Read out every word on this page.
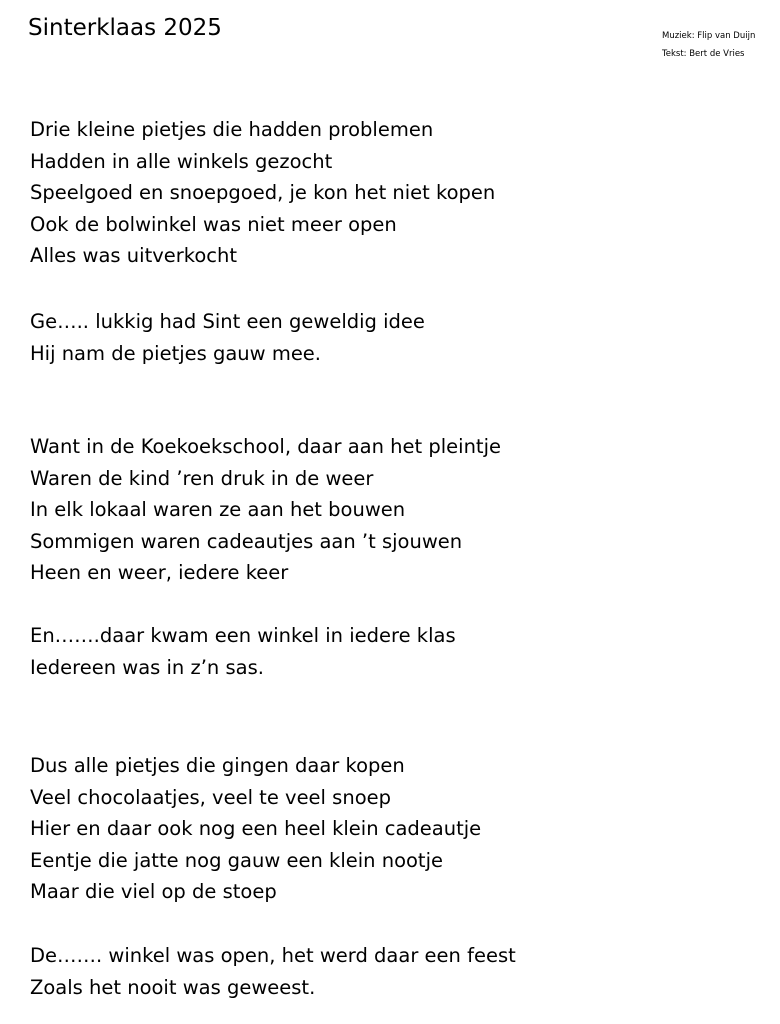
Sinterklaas 2025	Muziek: Flip van Duijn
Tekst: Bert de Vries
Drie kleine pietjes die hadden problemen
Hadden in alle winkels gezocht
Speelgoed en snoepgoed, je kon het niet kopen
Ook de bolwinkel was niet meer open
Alles was uitverkocht
Ge….. lukkig had Sint een geweldig idee
Hij nam de pietjes gauw mee.
Want in de Koekoekschool, daar aan het pleintje
Waren de kind ’ren druk in de weer
In elk lokaal waren ze aan het bouwen
Sommigen waren cadeautjes aan ’t sjouwen
Heen en weer, iedere keer
En…….daar kwam een winkel in iedere klas
Iedereen was in z’n sas.
Dus alle pietjes die gingen daar kopen
Veel chocolaatjes, veel te veel snoep
Hier en daar ook nog een heel klein cadeautje
Eentje die jatte nog gauw een klein nootje
Maar die viel op de stoep
De……. winkel was open, het werd daar een feest
Zoals het nooit was geweest.
